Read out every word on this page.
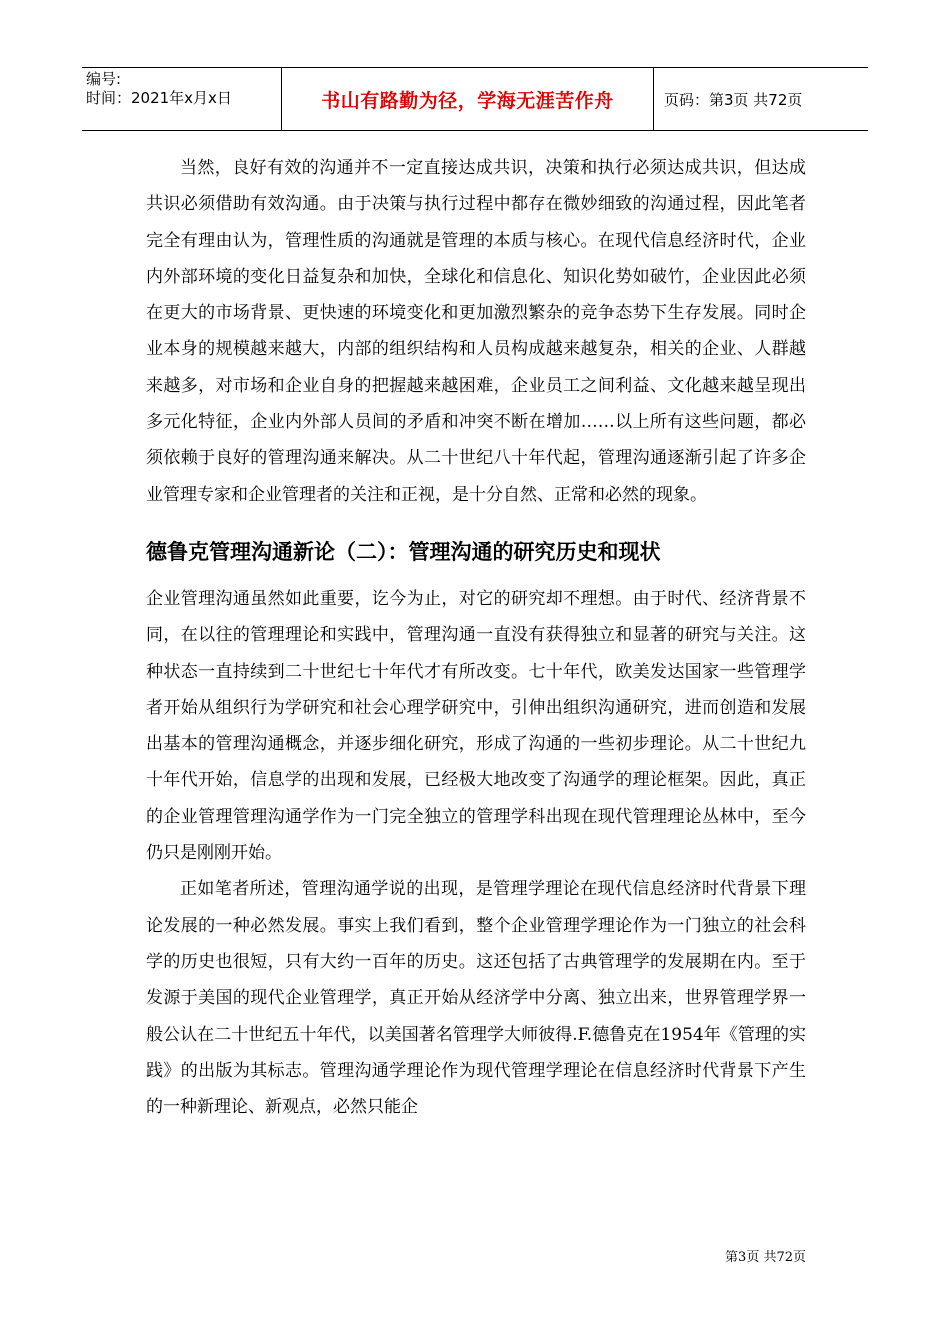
编号:
时间：2021年x月x日	书山有路勤为径，学海无涯苦作舟	页码：第3页 共72页

当然，良好有效的沟通并不一定直接达成共识，决策和执行必须达成共识，但达成共识必须借助有效沟通。由于决策与执行过程中都存在微妙细致的沟通过程，因此笔者完全有理由认为，管理性质的沟通就是管理的本质与核心。在现代信息经济时代，企业内外部环境的变化日益复杂和加快，全球化和信息化、知识化势如破竹，企业因此必须在更大的市场背景、更快速的环境变化和更加激烈繁杂的竞争态势下生存发展。同时企业本身的规模越来越大，内部的组织结构和人员构成越来越复杂，相关的企业、人群越来越多，对市场和企业自身的把握越来越困难，企业员工之间利益、文化越来越呈现出多元化特征，企业内外部人员间的矛盾和冲突不断在增加……以上所有这些问题，都必须依赖于良好的管理沟通来解决。从二十世纪八十年代起，管理沟通逐渐引起了许多企业管理专家和企业管理者的关注和正视，是十分自然、正常和必然的现象。

德鲁克管理沟通新论（二）：管理沟通的研究历史和现状

企业管理沟通虽然如此重要，讫今为止，对它的研究却不理想。由于时代、经济背景不同，在以往的管理理论和实践中，管理沟通一直没有获得独立和显著的研究与关注。这种状态一直持续到二十世纪七十年代才有所改变。七十年代，欧美发达国家一些管理学者开始从组织行为学研究和社会心理学研究中，引伸出组织沟通研究，进而创造和发展出基本的管理沟通概念，并逐步细化研究，形成了沟通的一些初步理论。从二十世纪九十年代开始，信息学的出现和发展，已经极大地改变了沟通学的理论框架。因此，真正的企业管理管理沟通学作为一门完全独立的管理学科出现在现代管理理论丛林中，至今仍只是刚刚开始。

正如笔者所述，管理沟通学说的出现，是管理学理论在现代信息经济时代背景下理论发展的一种必然发展。事实上我们看到，整个企业管理学理论作为一门独立的社会科学的历史也很短，只有大约一百年的历史。这还包括了古典管理学的发展期在内。至于发源于美国的现代企业管理学，真正开始从经济学中分离、独立出来，世界管理学界一般公认在二十世纪五十年代，以美国著名管理学大师彼得.F.德鲁克在1954年《管理的实践》的出版为其标志。管理沟通学理论作为现代管理学理论在信息经济时代背景下产生的一种新理论、新观点，必然只能企

第3页 共72页
